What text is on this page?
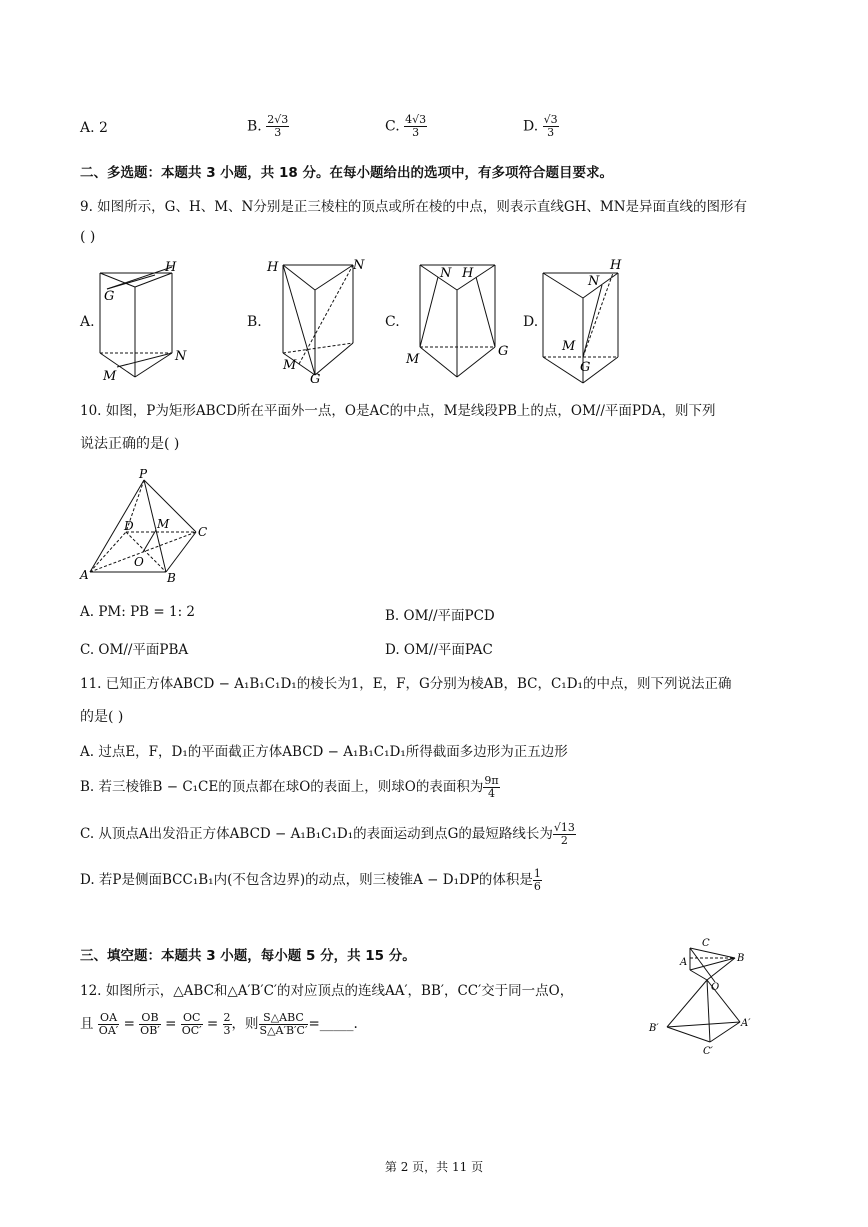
A. 2	B. $\frac{2√3}{3}$	C. $\frac{4√3}{3}$	D. $\frac{√3}{3}$
二、多选题：本题共 3 小题，共 18 分。在每小题给出的选项中，有多项符合题目要求。
9. 如图所示，G、H、M、N分别是正三棱柱的顶点或所在棱的中点，则表示直线GH、MN是异面直线的图形有
( )
A.	B.	C.	D.
H
G
N
M
H	N
M
G
N H
M
G
H
N
M
G
10. 如图，P为矩形ABCD所在平面外一点，O是AC的中点，M是线段PB上的点，OM//平面PDA，则下列
说法正确的是( )
P
A	B
C
D M
O
A. PM: PB = 1: 2	B. OM//平面PCD
C. OM//平面PBA	D. OM//平面PAC
11. 已知正方体ABCD − A₁B₁C₁D₁的棱长为1，E，F，G分别为棱AB，BC，C₁D₁的中点，则下列说法正确
的是( )
A. 过点E，F，D₁的平面截正方体ABCD − A₁B₁C₁D₁所得截面多边形为正五边形
B. 若三棱锥B − C₁CE的顶点都在球O的表面上，则球O的表面积为 $\frac{9\pi}{4}$
C. 从顶点A出发沿正方体ABCD − A₁B₁C₁D₁的表面运动到点G的最短路线长为 $\frac{√13}{2}$
D. 若P是侧面BCC₁B₁内(不包含边界)的动点，则三棱锥A − D₁DP的体积是 $\frac{1}{6}$
三、填空题：本题共 3 小题，每小题 5 分，共 15 分。
12. 如图所示，△ABC和△A′B′C′的对应顶点的连线AA′，BB′，CC′交于同一点O，
且 $\frac{OA}{OA'} = \frac{OB}{OB'} = \frac{OC}{OC'} = \frac{2}{3}$ ，则 $\frac{\text{S△ABC}}{S\triangle A'B'C'}$ =_____.
C
A	B
O
B′	A′
C′
第 2 页，共 11 页
